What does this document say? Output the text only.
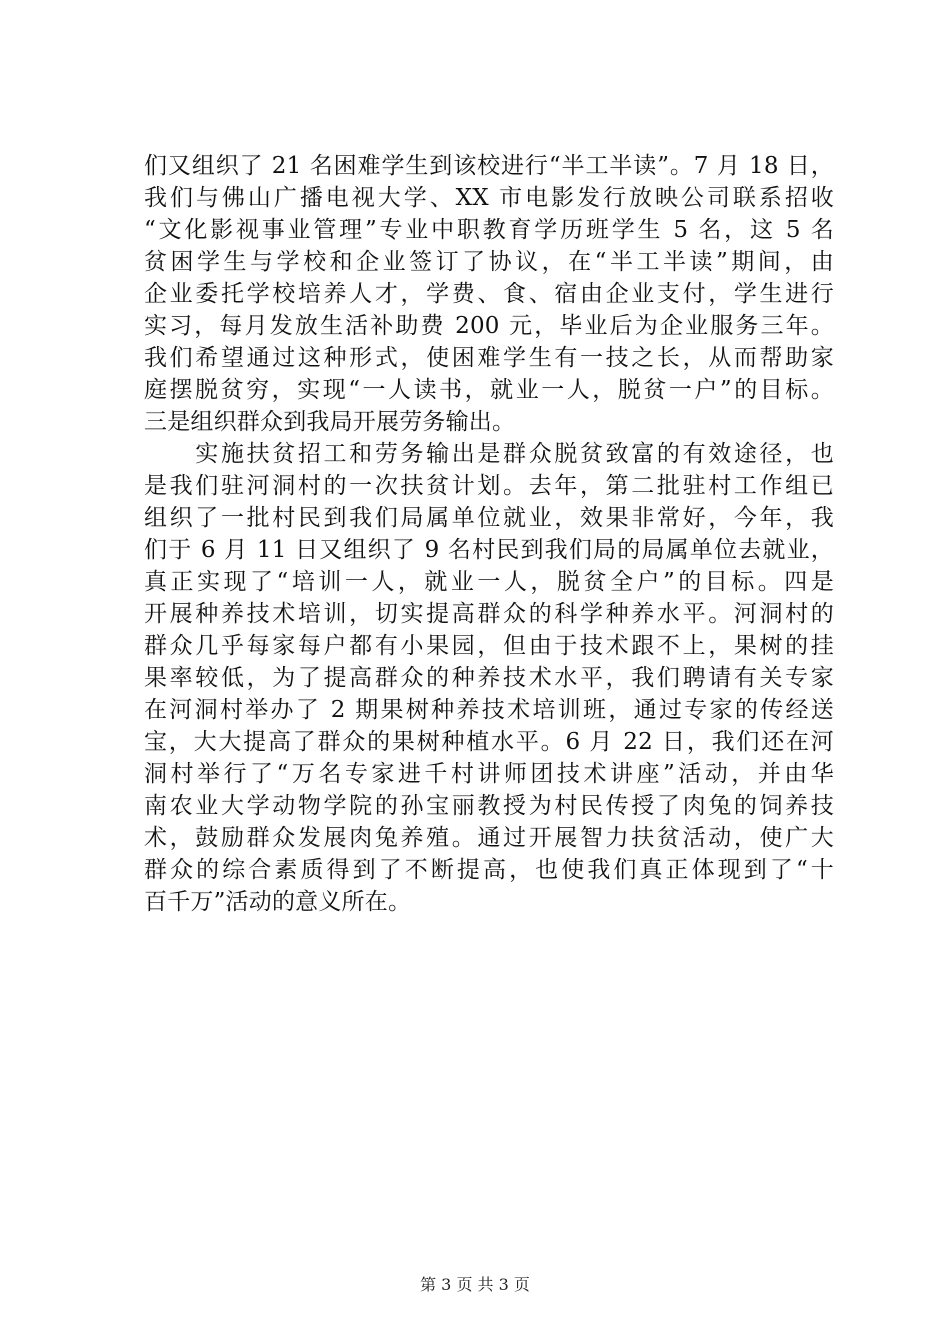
们又组织了 21 名困难学生到该校进行“半工半读”。7 月 18 日，
我们与佛山广播电视大学、XX 市电影发行放映公司联系招收
“文化影视事业管理”专业中职教育学历班学生 5 名，这 5 名
贫困学生与学校和企业签订了协议，在“半工半读”期间，由
企业委托学校培养人才，学费、食、宿由企业支付，学生进行
实习，每月发放生活补助费 200 元，毕业后为企业服务三年。
我们希望通过这种形式，使困难学生有一技之长，从而帮助家
庭摆脱贫穷，实现“一人读书，就业一人，脱贫一户”的目标。
三是组织群众到我局开展劳务输出。
　　实施扶贫招工和劳务输出是群众脱贫致富的有效途径，也
是我们驻河洞村的一次扶贫计划。去年，第二批驻村工作组已
组织了一批村民到我们局属单位就业，效果非常好，今年，我
们于 6 月 11 日又组织了 9 名村民到我们局的局属单位去就业，
真正实现了“培训一人，就业一人，脱贫全户”的目标。四是
开展种养技术培训，切实提高群众的科学种养水平。河洞村的
群众几乎每家每户都有小果园，但由于技术跟不上，果树的挂
果率较低，为了提高群众的种养技术水平，我们聘请有关专家
在河洞村举办了 2 期果树种养技术培训班，通过专家的传经送
宝，大大提高了群众的果树种植水平。6 月 22 日，我们还在河
洞村举行了“万名专家进千村讲师团技术讲座”活动，并由华
南农业大学动物学院的孙宝丽教授为村民传授了肉兔的饲养技
术，鼓励群众发展肉兔养殖。通过开展智力扶贫活动，使广大
群众的综合素质得到了不断提高，也使我们真正体现到了“十
百千万”活动的意义所在。
第 3 页 共 3 页
